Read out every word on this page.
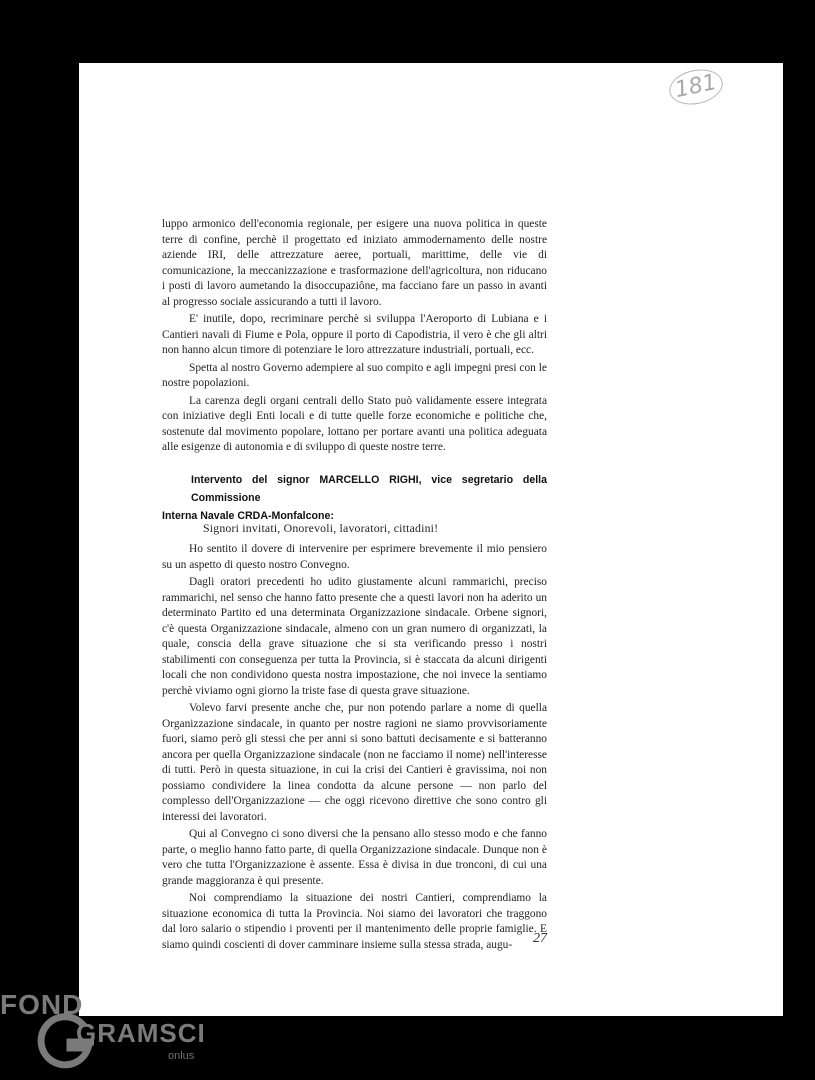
181

luppo armonico dell'economia regionale, per esigere una nuova politica in queste terre di confine, perchè il progettato ed iniziato ammodernamento delle nostre aziende IRI, delle attrezzature aeree, portuali, marittime, delle vie di comunicazione, la meccanizzazione e trasformazione dell'agricoltura, non riducano i posti di lavoro aumetando la disoccupaziône, ma facciano fare un passo in avanti al progresso sociale assicurando a tutti il lavoro.

E' inutile, dopo, recriminare perchè si sviluppa l'Aeroporto di Lubiana e i Cantieri navali di Fiume e Pola, oppure il porto di Capodistria, il vero è che gli altri non hanno alcun timore di potenziare le loro attrezzature industriali, portuali, ecc.

Spetta al nostro Governo adempiere al suo compito e agli impegni presi con le nostre popolazioni.

La carenza degli organi centrali dello Stato può validamente essere integrata con iniziative degli Enti locali e di tutte quelle forze economiche e politiche che, sostenute dal movimento popolare, lottano per portare avanti una politica adeguata alle esigenze di autonomia e di sviluppo di queste nostre terre.

Intervento del signor MARCELLO RIGHI, vice segretario della Commissione
Interna Navale CRDA-Monfalcone:
Signori invitati, Onorevoli, lavoratori, cittadini!

Ho sentito il dovere di intervenire per esprimere brevemente il mio pensiero su un aspetto di questo nostro Convegno.

Dagli oratori precedenti ho udito giustamente alcuni rammarichi, preciso rammarichi, nel senso che hanno fatto presente che a questi lavori non ha aderito un determinato Partito ed una determinata Organizzazione sindacale. Orbene signori, c'è questa Organizzazione sindacale, almeno con un gran numero di organizzati, la quale, conscia della grave situazione che si sta verificando presso i nostri stabilimenti con conseguenza per tutta la Provincia, si è staccata da alcuni dirigenti locali che non condividono questa nostra impostazione, che noi invece la sentiamo perchè viviamo ogni giorno la triste fase di questa grave situazione.

Volevo farvi presente anche che, pur non potendo parlare a nome di quella Organizzazione sindacale, in quanto per nostre ragioni ne siamo provvisoriamente fuori, siamo però gli stessi che per anni si sono battuti decisamente e si batteranno ancora per quella Organizzazione sindacale (non ne facciamo il nome) nell'interesse di tutti. Però in questa situazione, in cui la crisi dei Cantieri è gravissima, noi non possiamo condividere la linea condotta da alcune persone — non parlo del complesso dell'Organizzazione — che oggi ricevono direttive che sono contro gli interessi dei lavoratori.

Qui al Convegno ci sono diversi che la pensano allo stesso modo e che fanno parte, o meglio hanno fatto parte, di quella Organizzazione sindacale. Dunque non è vero che tutta l'Organizzazione è assente. Essa è divisa in due tronconi, di cui una grande maggioranza è qui presente.

Noi comprendiamo la situazione dei nostri Cantieri, comprendiamo la situazione economica di tutta la Provincia. Noi siamo dei lavoratori che traggono dal loro salario o stipendio i proventi per il mantenimento delle proprie famiglie. E siamo quindi coscienti di dover camminare insieme sulla stessa strada, augu-	27
FOND
GRAMSCI
onlus
